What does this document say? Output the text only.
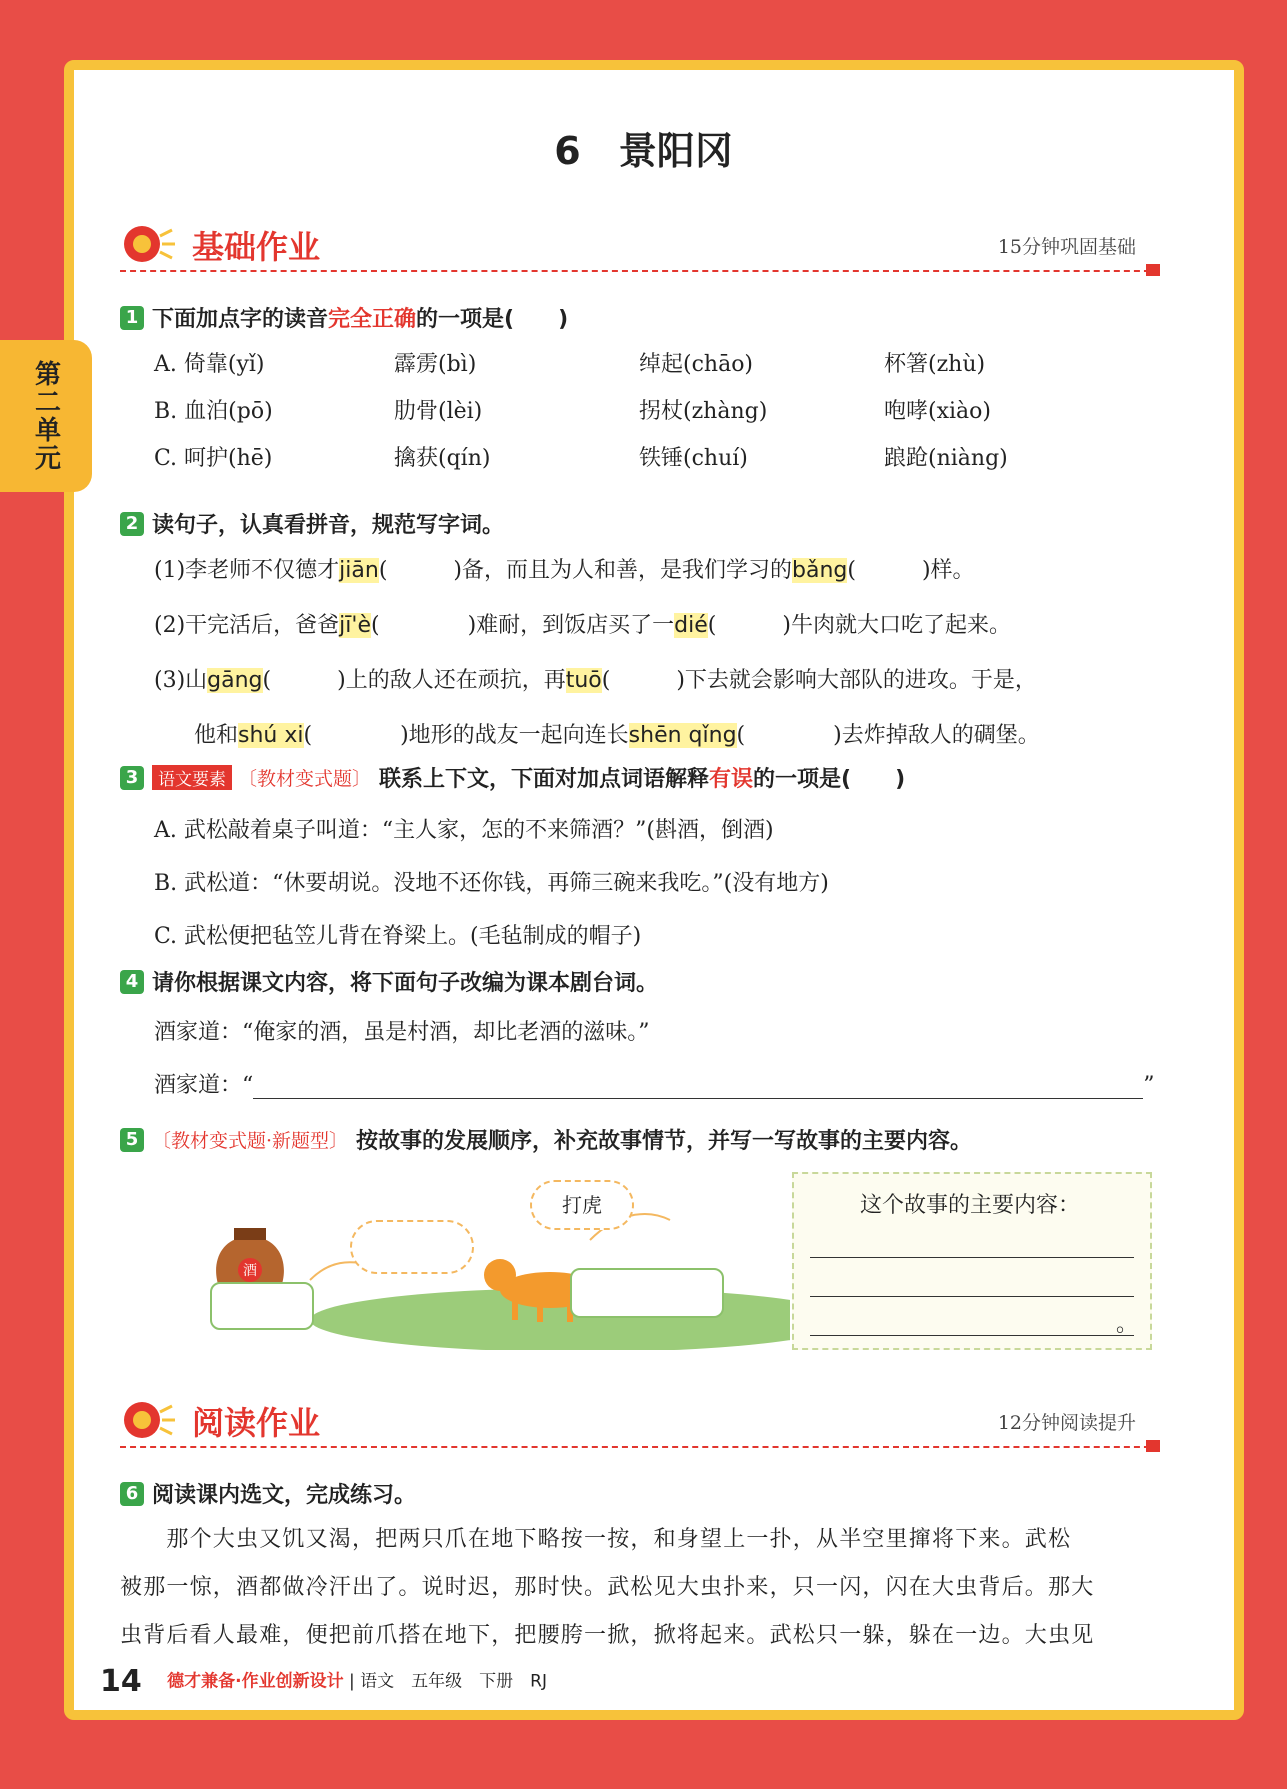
第二单元
6　景阳冈
基础作业	15分钟巩固基础
1 下面加点字的读音 完全正确 的一项是(　　)
A. 倚靠(yǐ)	霹雳(bì)	绰起(chāo)	杯箸(zhù)
B. 血泊(pō)	肋骨(lèi)	拐杖(zhàng)	咆哮(xiào)
C. 呵护(hē)	擒获(qín)	铁锤(chuí)	踉跄(niàng)
2 读句子，认真看拼音，规范写字词。
(1)李老师不仅德才jiān(　　　)备，而且为人和善，是我们学习的bǎng(　　　)样。
(2)干完活后，爸爸jī'è(　　　　)难耐，到饭店买了一dié(　　　)牛肉就大口吃了起来。
(3)山gāng(　　　)上的敌人还在顽抗，再tuō(　　　)下去就会影响大部队的进攻。于是，
他和shú xi(　　　　)地形的战友一起向连长shēn qǐng(　　　　)去炸掉敌人的碉堡。
3	语文要素 〔教材变式题〕 联系上下文，下面对加点词语解释 有误 的一项是(　　)
A. 武松敲着桌子叫道：“主人家，怎的不来筛酒？”(斟酒，倒酒)
B. 武松道：“休要胡说。没地不还你钱，再筛三碗来我吃。”(没有地方)
C. 武松便把毡笠儿背在脊梁上。(毛毡制成的帽子)
4 请你根据课文内容，将下面句子改编为课本剧台词。
酒家道：“俺家的酒，虽是村酒，却比老酒的滋味。”
酒家道：“	”
5 〔教材变式题·新题型〕 按故事的发展顺序，补充故事情节，并写一写故事的主要内容。
打虎
酒
这个故事的主要内容：
。
阅读作业	12分钟阅读提升
6 阅读课内选文，完成练习。
　　那个大虫又饥又渴，把两只爪在地下略按一按，和身望上一扑，从半空里撺将下来。武松
被那一惊，酒都做冷汗出了。说时迟，那时快。武松见大虫扑来，只一闪，闪在大虫背后。那大
虫背后看人最难，便把前爪搭在地下，把腰胯一掀，掀将起来。武松只一躲，躲在一边。大虫见
14 德才兼备·作业创新设计 | 语文　五年级　下册　RJ
